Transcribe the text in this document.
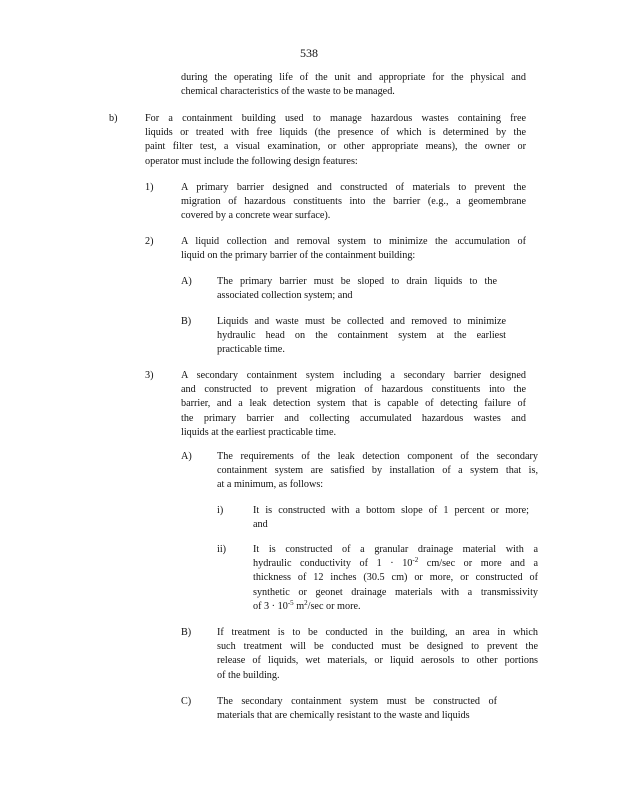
538
during the operating life of the unit and appropriate for the physical and
chemical characteristics of the waste to be managed.
b)	For a containment building used to manage hazardous wastes containing free
liquids or treated with free liquids (the presence of which is determined by the
paint filter test, a visual examination, or other appropriate means), the owner or
operator must include the following design features:
1)	A primary barrier designed and constructed of materials to prevent the
migration of hazardous constituents into the barrier (e.g., a geomembrane
covered by a concrete wear surface).
2)	A liquid collection and removal system to minimize the accumulation of
liquid on the primary barrier of the containment building:
A) The primary barrier must be sloped to drain liquids to the
associated collection system; and
B)	Liquids and waste must be collected and removed to minimize
hydraulic head on the containment system at the earliest
practicable time.
3)	A secondary containment system including a secondary barrier designed
and constructed to prevent migration of hazardous constituents into the
barrier, and a leak detection system that is capable of detecting failure of
the primary barrier and collecting accumulated hazardous wastes and
liquids at the earliest practicable time.
A) The requirements of the leak detection component of the secondary
containment system are satisfied by installation of a system that is,
at a minimum, as follows:
i)	It is constructed with a bottom slope of 1 percent or more;
and
ii)	It is constructed of a granular drainage material with a
hydraulic conductivity of $1 \cdot 10^{-2}$ cm/sec or more and a
thickness of 12 inches (30.5 cm) or more, or constructed of
synthetic or geonet drainage materials with a transmissivity
of $3 \cdot 10^{-5}$ $m^2/\sec$ or more.
B)	If treatment is to be conducted in the building, an area in which
such treatment will be conducted must be designed to prevent the
release of liquids, wet materials, or liquid aerosols to other portions
of the building.
C)	The secondary containment system must be constructed of
materials that are chemically resistant to the waste and liquids
